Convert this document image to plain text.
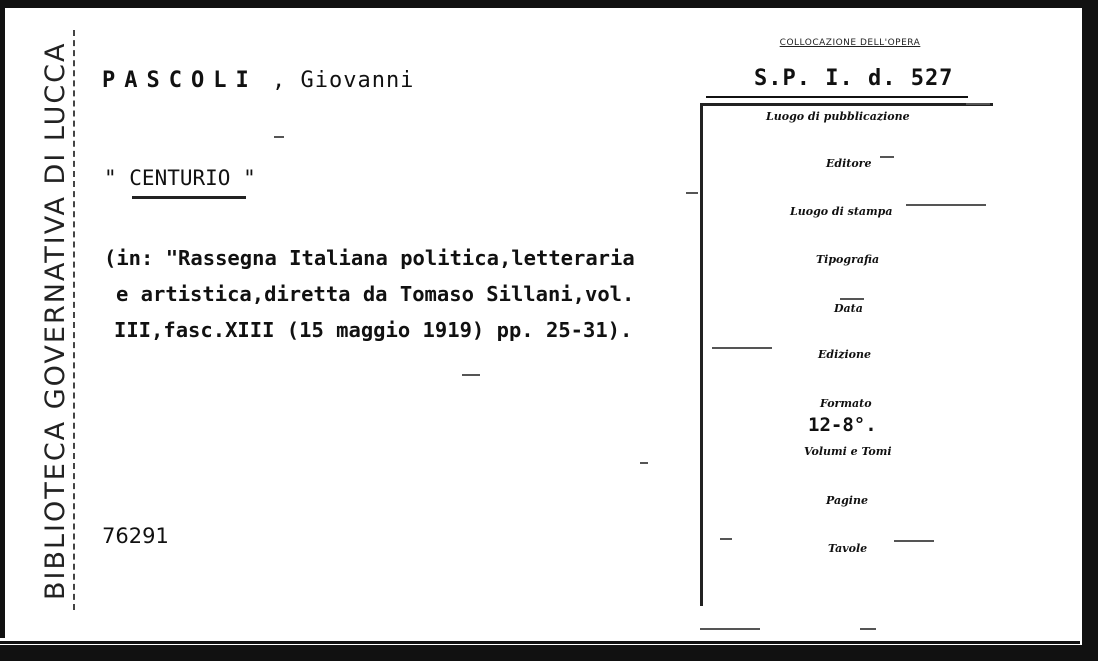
BIBLIOTECA GOVERNATIVA DI LUCCA PASCOLI , Giovanni
" CENTURIO "
(in: "Rassegna Italiana politica,letteraria
e artistica,diretta da Tomaso Sillani,vol.
III,fasc.XIII (15 maggio 1919) pp. 25-31).
76291
COLLOCAZIONE DELL'OPERA
S.P. I. d. 527
Luogo di pubblicazione
Editore
Luogo di stampa
Tipografia
Data
Edizione
Formato
12-8°.
Volumi e Tomi
Pagine
Tavole
